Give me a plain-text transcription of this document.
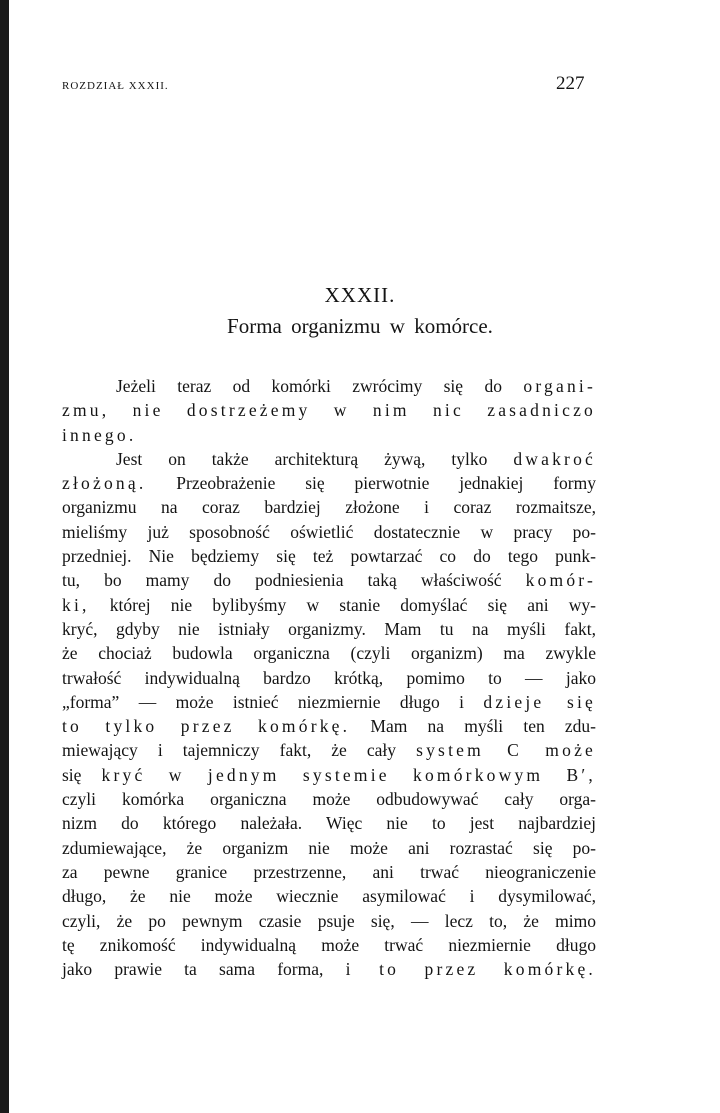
ROZDZIAŁ XXXII.	227
XXXII.
Forma organizmu w komórce.
Jeżeli teraz od komórki zwrócimy się do organi-
zmu, nie dostrzeżemy w nim nic zasadniczo
innego.
Jest on także architekturą żywą, tylko dwakroć
złożoną. Przeobrażenie się pierwotnie jednakiej formy
organizmu na coraz bardziej złożone i coraz rozmaitsze,
mieliśmy już sposobność oświetlić dostatecznie w pracy po-
przedniej. Nie będziemy się też powtarzać co do tego punk-
tu, bo mamy do podniesienia taką właściwość komór-
ki, której nie bylibyśmy w stanie domyślać się ani wy-
kryć, gdyby nie istniały organizmy. Mam tu na myśli fakt,
że chociaż budowla organiczna (czyli organizm) ma zwykle
trwałość indywidualną bardzo krótką, pomimo to — jako
„forma” — może istnieć niezmiernie długo i dzieje się
to tylko przez komórkę. Mam na myśli ten zdu-
miewający i tajemniczy fakt, że cały system C może
się kryć w jednym systemie komórkowym B′,
czyli komórka organiczna może odbudowywać cały orga-
nizm do którego należała. Więc nie to jest najbardziej
zdumiewające, że organizm nie może ani rozrastać się po-
za pewne granice przestrzenne, ani trwać nieograniczenie
długo, że nie może wiecznie asymilować i dysymilować,
czyli, że po pewnym czasie psuje się, — lecz to, że mimo
tę znikomość indywidualną może trwać niezmiernie długo
jako prawie ta sama forma, i to przez komórkę.
